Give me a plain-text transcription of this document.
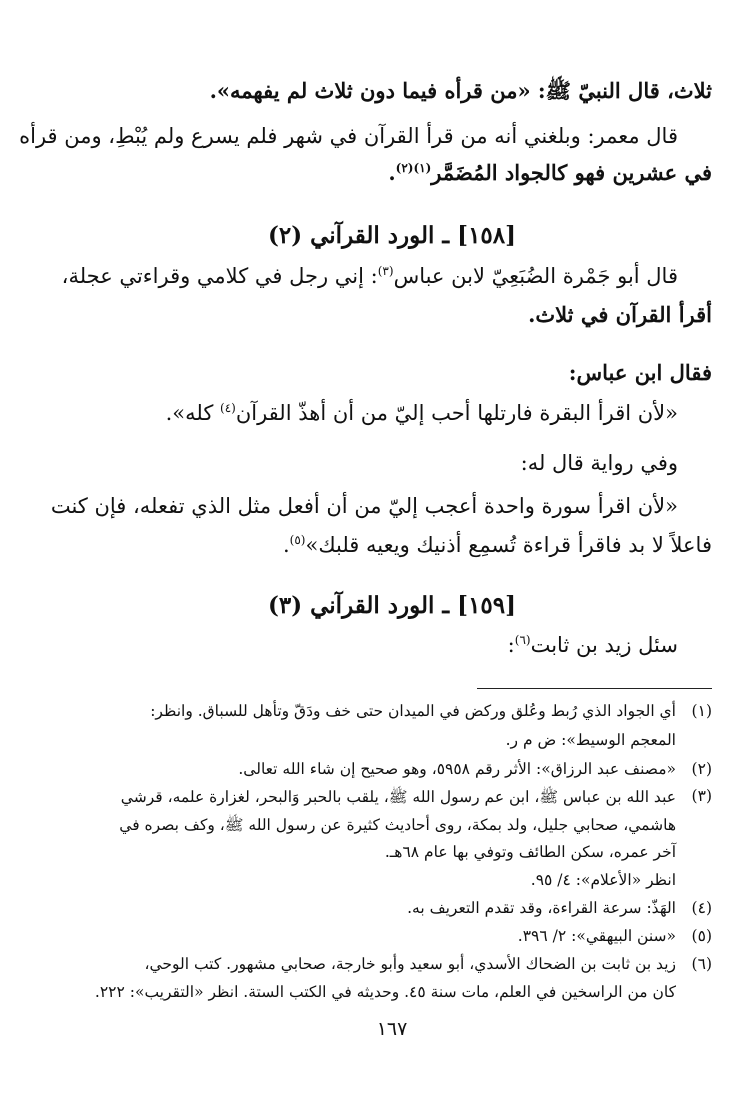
ثلاث، قال النبيّ ﷺ: «من قرأه فيما دون ثلاث لم يفهمه».
قال معمر: وبلغني أنه من قرأ القرآن في شهر فلم يسرع ولم يُبْطِ، ومن قرأه
في عشرين فهو كالجواد المُضَمَّر$^{(١)(٢)}$.
[١٥٨] ـ الورد القرآني (٢)
قال أبو جَمْرة الضُبَعِيّ لابن عباس$^{(٣)}$: إني رجل في كلامي وقراءتي عجلة،
أقرأ القرآن في ثلاث.
فقال ابن عباس:
«لأن اقرأ البقرة فارتلها أحب إليّ من أن أهذّ القرآن$^{(٤)}$ كله».
وفي رواية قال له:
«لأن اقرأ سورة واحدة أعجب إليّ من أن أفعل مثل الذي تفعله، فإن كنت
فاعلاً لا بد فاقرأ قراءة تُسمِع أذنيك ويعيه قلبك»$^{(٥)}$.
[١٥٩] ـ الورد القرآني (٣)
سئل زيد بن ثابت$^{(٦)}$:
(١)
أي الجواد الذي رُبط وعُلق وركض في الميدان حتى خف ودَقّ وتأهل للسباق. وانظر:
المعجم الوسيط»: ض م ر.
(٢)
«مصنف عبد الرزاق»: الأثر رقم ٥٩٥٨، وهو صحيح إن شاء الله تعالى.
(٣)
عبد الله بن عباس ﷺ، ابن عم رسول الله ﷺ، يلقب بالحبر وَالبحر، لغزارة علمه، قرشي
هاشمي، صحابي جليل، ولد بمكة، روى أحاديث كثيرة عن رسول الله ﷺ، وكف بصره في
آخر عمره، سكن الطائف وتوفي بها عام ٦٨هـ.
انظر «الأعلام»: ٤/ ٩٥.
(٤)
الهَذّ: سرعة القراءة، وقد تقدم التعريف به.
(٥)
«سنن البيهقي»: ٢/ ٣٩٦.
(٦)
زيد بن ثابت بن الضحاك الأسدي، أبو سعيد وأبو خارجة، صحابي مشهور. كتب الوحي،
كان من الراسخين في العلم، مات سنة ٤٥. وحديثه في الكتب الستة. انظر «التقريب»: ٢٢٢.
١٦٧
